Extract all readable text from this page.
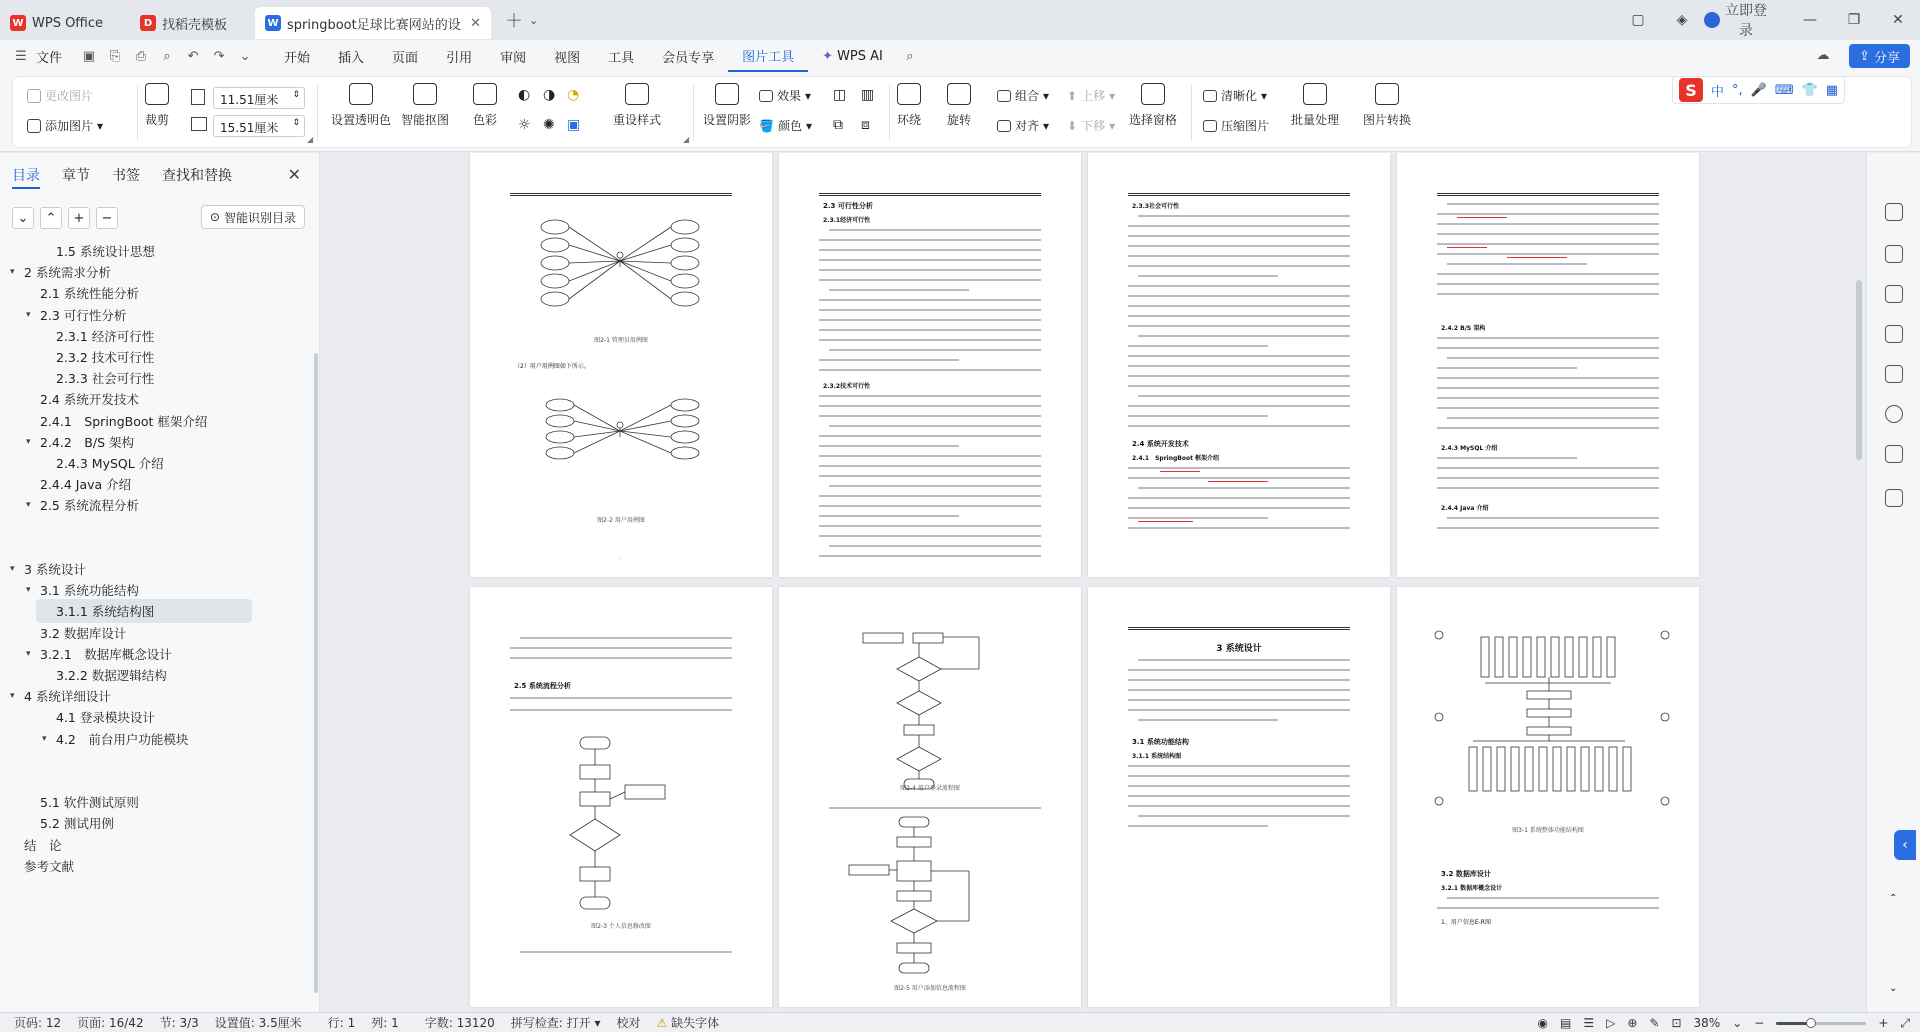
W WPS Office	D 找稻壳模板	W springboot足球比赛网站的设 ✕ ＋ ⌄	▢	◈
立即登录
—	❐	✕
☰ 文件	▣	⎘	⎙	⌕	↶	↷	⌄	开始	插入	页面	引用	审阅	视图	工具	会员专享	图片工具	✦ WPS AI	⌕	☁	⇪ 分享
更改图片
添加图片 ▾	裁剪
11.51厘米 ⇕
15.51厘米 ⇕	设置透明色 智能抠图 色彩
◐ ◑ ◔
☼ ✺ ▣	重设样式	设置阴影
效果 ▾
🪣 颜色 ▾
◫ ▥
⧉ ⧈ 环绕 旋转
组合 ▾
对齐 ▾
⬆ 上移 ▾
⬇ 下移 ▾ 选择窗格
清晰化 ▾
压缩图片 批量处理 图片转换
◢	◢
S	中 °, 🎤 ⌨ 👕 ▦
目录 章节 书签 查找和替换	✕
⌄	⌃	+	−	⊙ 智能识别目录
1.5 系统设计思想
▾ 2 系统需求分析
2.1 系统性能分析
▾ 2.3 可行性分析
2.3.1 经济可行性
2.3.2 技术可行性
2.3.3 社会可行性
2.4 系统开发技术
2.4.1　SpringBoot 框架介绍
▾ 2.4.2　B/S 架构
2.4.3 MySQL 介绍
2.4.4 Java 介绍
▾ 2.5 系统流程分析
▾ 3 系统设计
▾ 3.1 系统功能结构
3.1.1 系统结构图
3.2 数据库设计
▾ 3.2.1　数据库概念设计
3.2.2 数据逻辑结构
▾ 4 系统详细设计
4.1 登录模块设计
▾ 4.2　前台用户功能模块
5.1 软件测试原则
5.2 测试用例
结　论
参考文献
图2-1 管理员用例图
（2）用户用例图如下所示。
图2-2 用户用例图
·
2.3 可行性分析
2.3.1经济可行性
2.3.2技术可行性
2.3.3社会可行性
2.4 系统开发技术
2.4.1　SpringBoot 框架介绍
2.4.2 B/S 架构
2.4.3 MySQL 介绍
2.4.4 Java 介绍
2.5 系统流程分析
图2-3 个人信息修改图
图2-4 用户登录流程图
图2-5 用户添加信息流程图
3 系统设计
3.1 系统功能结构
3.1.1 系统结构图
图3-1 系统整体功能结构图
3.2 数据库设计
3.2.1 数据库概念设计
1、用户信息E-R图
⌃
⌄
‹
页码: 12	页面: 16/42	节: 3/3	设置值: 3.5厘米	行: 1	列: 1	字数: 13120	拼写检查: 打开 ▾	校对	⚠ 缺失字体	◉ ▤ ☰ ▷ ⊕ ✎ ⊡ 38% ⌄ −	+ ⤢
